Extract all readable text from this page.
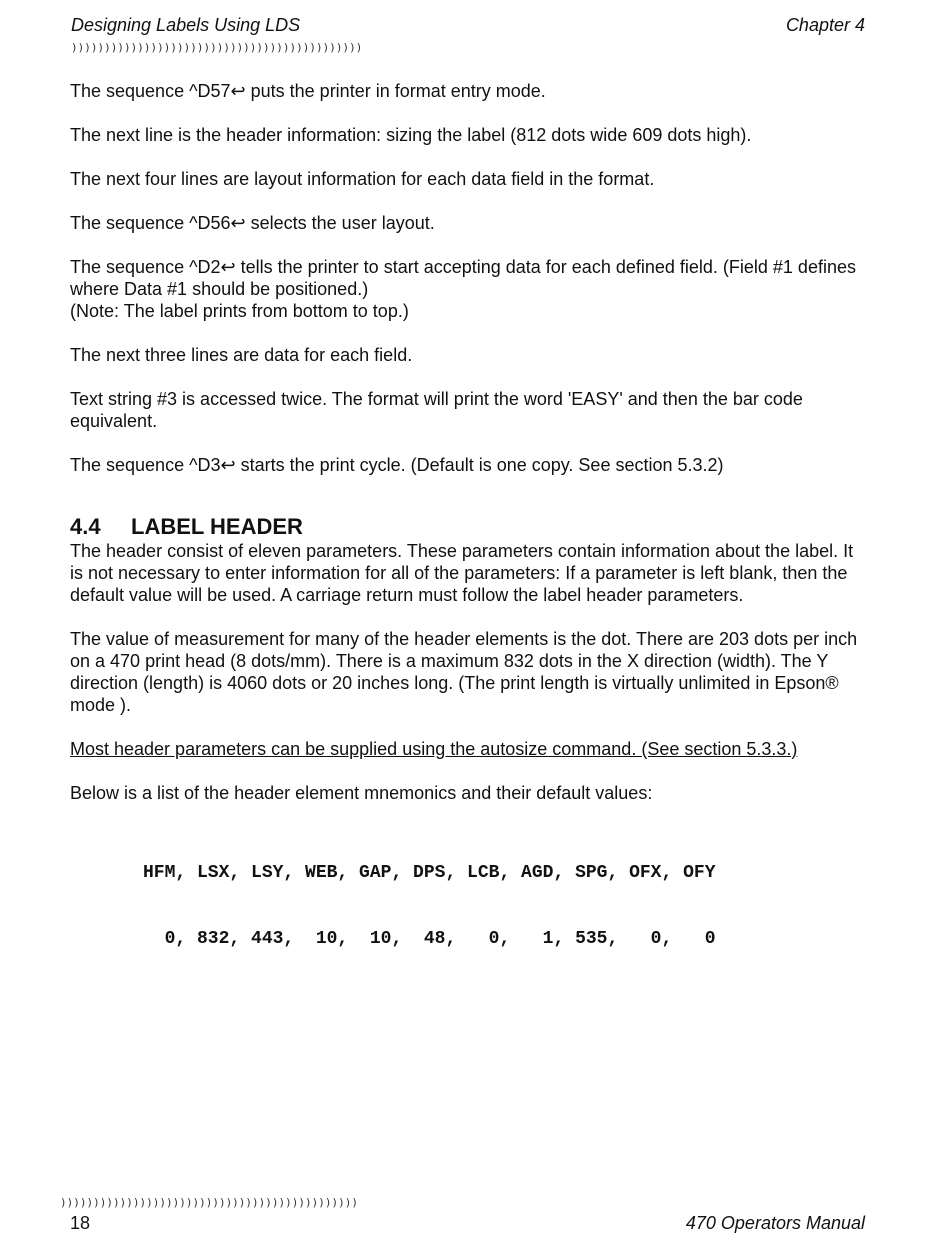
Designing Labels Using LDS	Chapter 4
))))))))))))))))))))))))))))))))))))))))))))

The sequence ^D57↩ puts the printer in format entry mode.

The next line is the header information: sizing the label (812 dots wide 609 dots high).

The next four lines are layout information for each data field in the format.

The sequence ^D56↩ selects the user layout.

The sequence ^D2↩ tells the printer to start accepting data for each defined field. (Field #1 defines where Data #1 should be positioned.)
(Note: The label prints from bottom to top.)

The next three lines are data for each field.

Text string #3 is accessed twice. The format will print the word 'EASY' and then the bar code equivalent.

The sequence ^D3↩ starts the print cycle. (Default is one copy. See section 5.3.2)

4.4	LABEL HEADER

The header consist of eleven parameters. These parameters contain information about the label. It is not necessary to enter information for all of the parameters: If a parameter is left blank, then the default value will be used. A carriage return must follow the label header parameters.

The value of measurement for many of the header elements is the dot. There are 203 dots per inch on a 470 print head (8 dots/mm). There is a maximum 832 dots in the X direction (width). The Y direction (length) is 4060 dots or 20 inches long. (The print length is virtually unlimited in Epson® mode ).

Most header parameters can be supplied using the autosize command. (See section 5.3.3.)

Below is a list of the header element mnemonics and their default values:

HFM, LSX, LSY, WEB, GAP, DPS, LCB, AGD, SPG, OFX, OFY

0, 832, 443,  10,  10,  48,   0,   1, 535,   0,   0

)))))))))))))))))))))))))))))))))))))))))))))
18	470 Operators Manual
